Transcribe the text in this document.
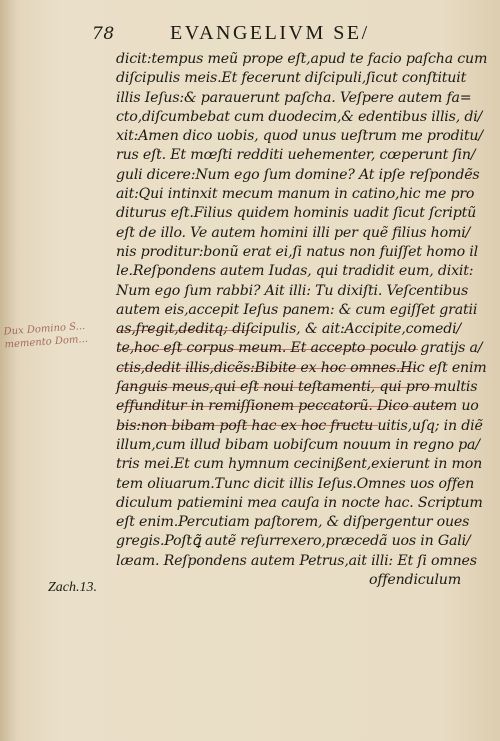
78	EVANGELIVM SE/
Dux Domino S... memento Dom...
Zach.13.
dicit:tempus meũ prope eſt,apud te facio paſcha cum
diſcipulis meis.Et fecerunt diſcipuli,ſicut conſtituit
illis Ieſus:& parauerunt paſcha. Veſpere autem fa=
cto,diſcumbebat cum duodecim,& edentibus illis, di/
xit:Amen dico uobis, quod unus ueſtrum me proditu/
rus eſt. Et mœſti redditi uehementer, cœperunt ſin/
guli dicere:Num ego ſum domine? At ipſe reſpondẽs
ait:Qui intinxit mecum manum in catino,hic me pro
diturus eſt.Filius quidem hominis uadit ſicut ſcriptũ
eſt de illo. Ve autem homini illi per quẽ filius homi/
nis proditur:bonũ erat ei,ſi natus non fuiſſet homo il
le.Reſpondens autem Iudas, qui tradidit eum, dixit:
Num ego ſum rabbi? Ait illi: Tu dixiſti. Veſcentibus
autem eis,accepit Ieſus panem: & cum egiſſet gratii
as,fregit,deditq; diſcipulis, & ait:Accipite,comedi/
te,hoc eſt corpus meum. Et accepto poculo gratijs a/
ctis,dedit illis,dicẽs:Bibite ex hoc omnes.Hic eſt enim
ſanguis meus,qui eſt noui teſtamenti, qui pro multis
effunditur in remiſſionem peccatorũ. Dico autem uo
bis:non bibam poſt hac ex hoc fructu uitis,uſq; in diẽ
illum,cum illud bibam uobiſcum nouum in regno pa/
tris mei.Et cum hymnum cecinißent,exierunt in mon
tem oliuarum.Tunc dicit illis Ieſus.Omnes uos offen
diculum patiemini mea cauſa in nocte hac. Scriptum
eſt enim.Percutiam paſtorem, & diſpergentur oues
gregis.Poſtꝗ̃ autẽ reſurrexero,præcedã uos in Gali/
læam. Reſpondens autem Petrus,ait illi: Et ſi omnes
offendiculum
